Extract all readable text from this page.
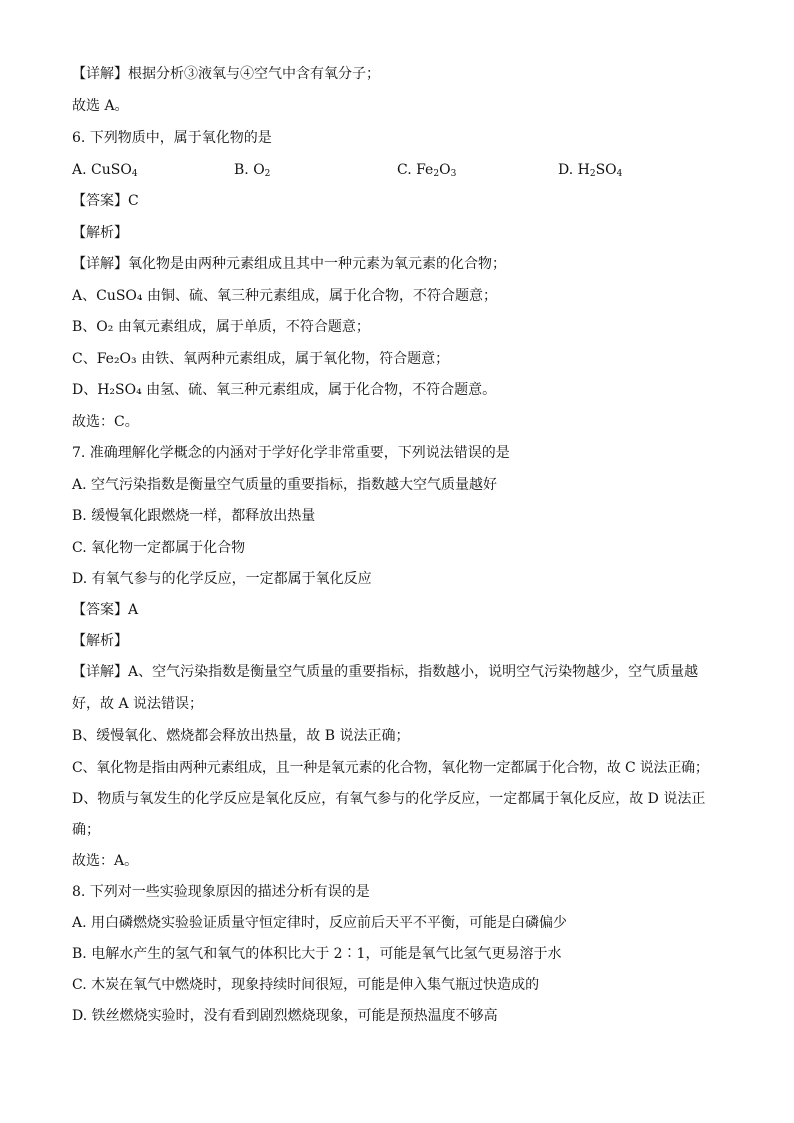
【详解】根据分析③液氧与④空气中含有氧分子；
故选 A。
6. 下列物质中，属于氧化物的是
A. CuSO$_4$	B. $O_2$	C. $Fe_2O_3$	D. $H_2SO_4$
【答案】C
【解析】
【详解】氧化物是由两种元素组成且其中一种元素为氧元素的化合物；
A、CuSO₄ 由铜、硫、氧三种元素组成，属于化合物，不符合题意；
B、O₂ 由氧元素组成，属于单质，不符合题意；
C、Fe₂O₃ 由铁、氧两种元素组成，属于氧化物，符合题意；
D、H₂SO₄ 由氢、硫、氧三种元素组成，属于化合物，不符合题意。
故选：C。
7. 准确理解化学概念的内涵对于学好化学非常重要，下列说法错误的是
A. 空气污染指数是衡量空气质量的重要指标，指数越大空气质量越好
B. 缓慢氧化跟燃烧一样，都释放出热量
C. 氧化物一定都属于化合物
D. 有氧气参与的化学反应，一定都属于氧化反应
【答案】A
【解析】
【详解】A、空气污染指数是衡量空气质量的重要指标，指数越小，说明空气污染物越少，空气质量越
好，故 A 说法错误；
B、缓慢氧化、燃烧都会释放出热量，故 B 说法正确；
C、氧化物是指由两种元素组成，且一种是氧元素的化合物，氧化物一定都属于化合物，故 C 说法正确；
D、物质与氧发生的化学反应是氧化反应，有氧气参与的化学反应，一定都属于氧化反应，故 D 说法正
确；
故选：A。
8. 下列对一些实验现象原因的描述分析有误的是
A. 用白磷燃烧实验验证质量守恒定律时，反应前后天平不平衡，可能是白磷偏少
B. 电解水产生的氢气和氧气的体积比大于 2∶1，可能是氧气比氢气更易溶于水
C. 木炭在氧气中燃烧时，现象持续时间很短，可能是伸入集气瓶过快造成的
D. 铁丝燃烧实验时，没有看到剧烈燃烧现象，可能是预热温度不够高
